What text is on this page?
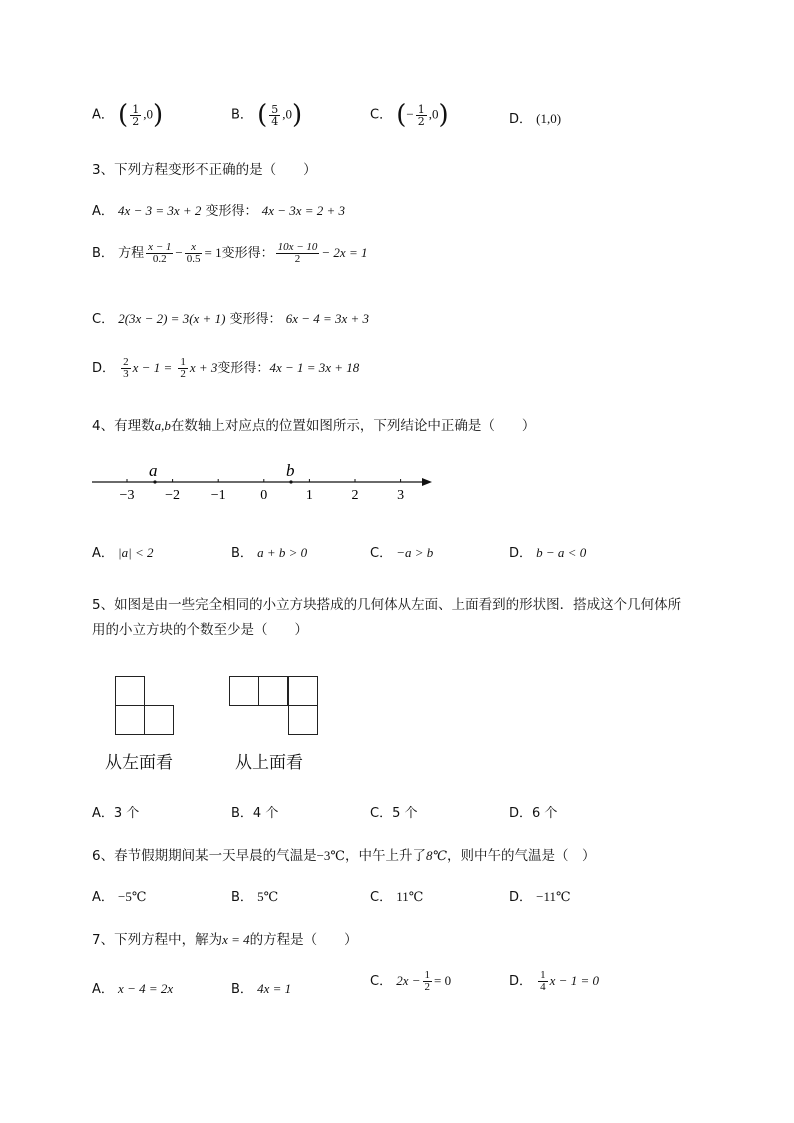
A． ( $\frac{1}{2} ,0$)	B． ( $\frac{5}{4} ,0$)	C． (− $\frac{1}{2} ,0$)	D． (1,0)
3、下列方程变形不正确的是（　　）
A． 4x − 3 = 3x + 2 变形得： 4x − 3x = 2 + 3
B． 方程 $\frac{x - 1}{0.2} - \frac{x}{0.5} = 1$变形得： $\frac{10x - 10}{2} - 2x = 1$
C． 2(3x − 2) = 3(x + 1) 变形得： 6x − 4 = 3x + 3
D． $\frac{2}{3}$ $x - 1 = \frac{1}{2}$ x + 3变形得：4x − 1 = 3x + 18
4、有理数a,b在数轴上对应点的位置如图所示，下列结论中正确是（　　）
−3 −2 −1 0	1	2	3
a	b
A． |a| < 2	B． a + b > 0	C． −a > b	D． b − a < 0
5、如图是由一些完全相同的小立方块搭成的几何体从左面、上面看到的形状图．搭成这个几何体所
用的小立方块的个数至少是（　　）
从左面看	从上面看
A．3 个	B．4 个	C．5 个	D．6 个
6、春节假期期间某一天早晨的气温是−3℃，中午上升了8℃，则中午的气温是（　）
A． −5℃	B． 5℃	C． 11℃	D． −11℃
7、下列方程中，解为x = 4的方程是（　　）
A． x − 4 = 2x	B． 4x = 1	C． $2x - \frac{1}{2} = 0$	D． $\frac{1}{4}$ x − 1 = 0
